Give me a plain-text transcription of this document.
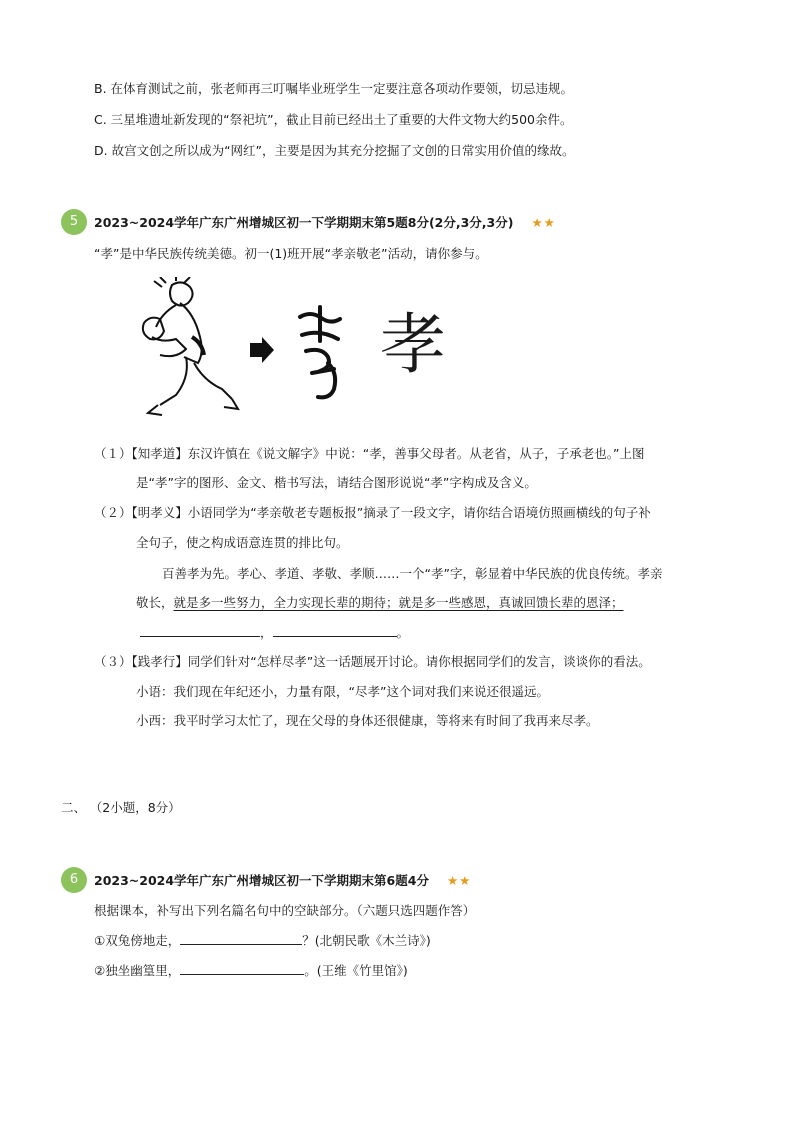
B. 在体育测试之前，张老师再三叮嘱毕业班学生一定要注意各项动作要领，切忌违规。
C. 三星堆遗址新发现的“祭祀坑”，截止目前已经出土了重要的大件文物大约500余件。
D. 故宫文创之所以成为“网红”，主要是因为其充分挖掘了文创的日常实用价值的缘故。
5	2023~2024学年广东广州增城区初一下学期期末第5题8分(2分,3分,3分) ★★
“孝”是中华民族传统美德。初一(1)班开展“孝亲敬老”活动，请你参与。
孝
（１）【知孝道】东汉许慎在《说文解字》中说：“孝，善事父母者。从老省，从子，子承老也。”上图
是“孝”字的图形、金文、楷书写法，请结合图形说说“孝”字构成及含义。
（２）【明孝义】小语同学为“孝亲敬老专题板报”摘录了一段文字，请你结合语境仿照画横线的句子补
全句子，使之构成语意连贯的排比句。
百善孝为先。孝心、孝道、孝敬、孝顺……一个“孝”字，彰显着中华民族的优良传统。孝亲
敬长，就是多一些努力，全力实现长辈的期待；就是多一些感恩，真诚回馈长辈的恩泽；
，	。
（３）【践孝行】同学们针对“怎样尽孝”这一话题展开讨论。请你根据同学们的发言，谈谈你的看法。
小语：我们现在年纪还小，力量有限，“尽孝”这个词对我们来说还很遥远。
小西：我平时学习太忙了，现在父母的身体还很健康，等将来有时间了我再来尽孝。
二、 （2小题，8分）
6	2023~2024学年广东广州增城区初一下学期期末第6题4分 ★★
根据课本，补写出下列名篇名句中的空缺部分。（六题只选四题作答）
①双兔傍地走，	？(北朝民歌《木兰诗》)
②独坐幽篁里，	。(王维《竹里馆》)
